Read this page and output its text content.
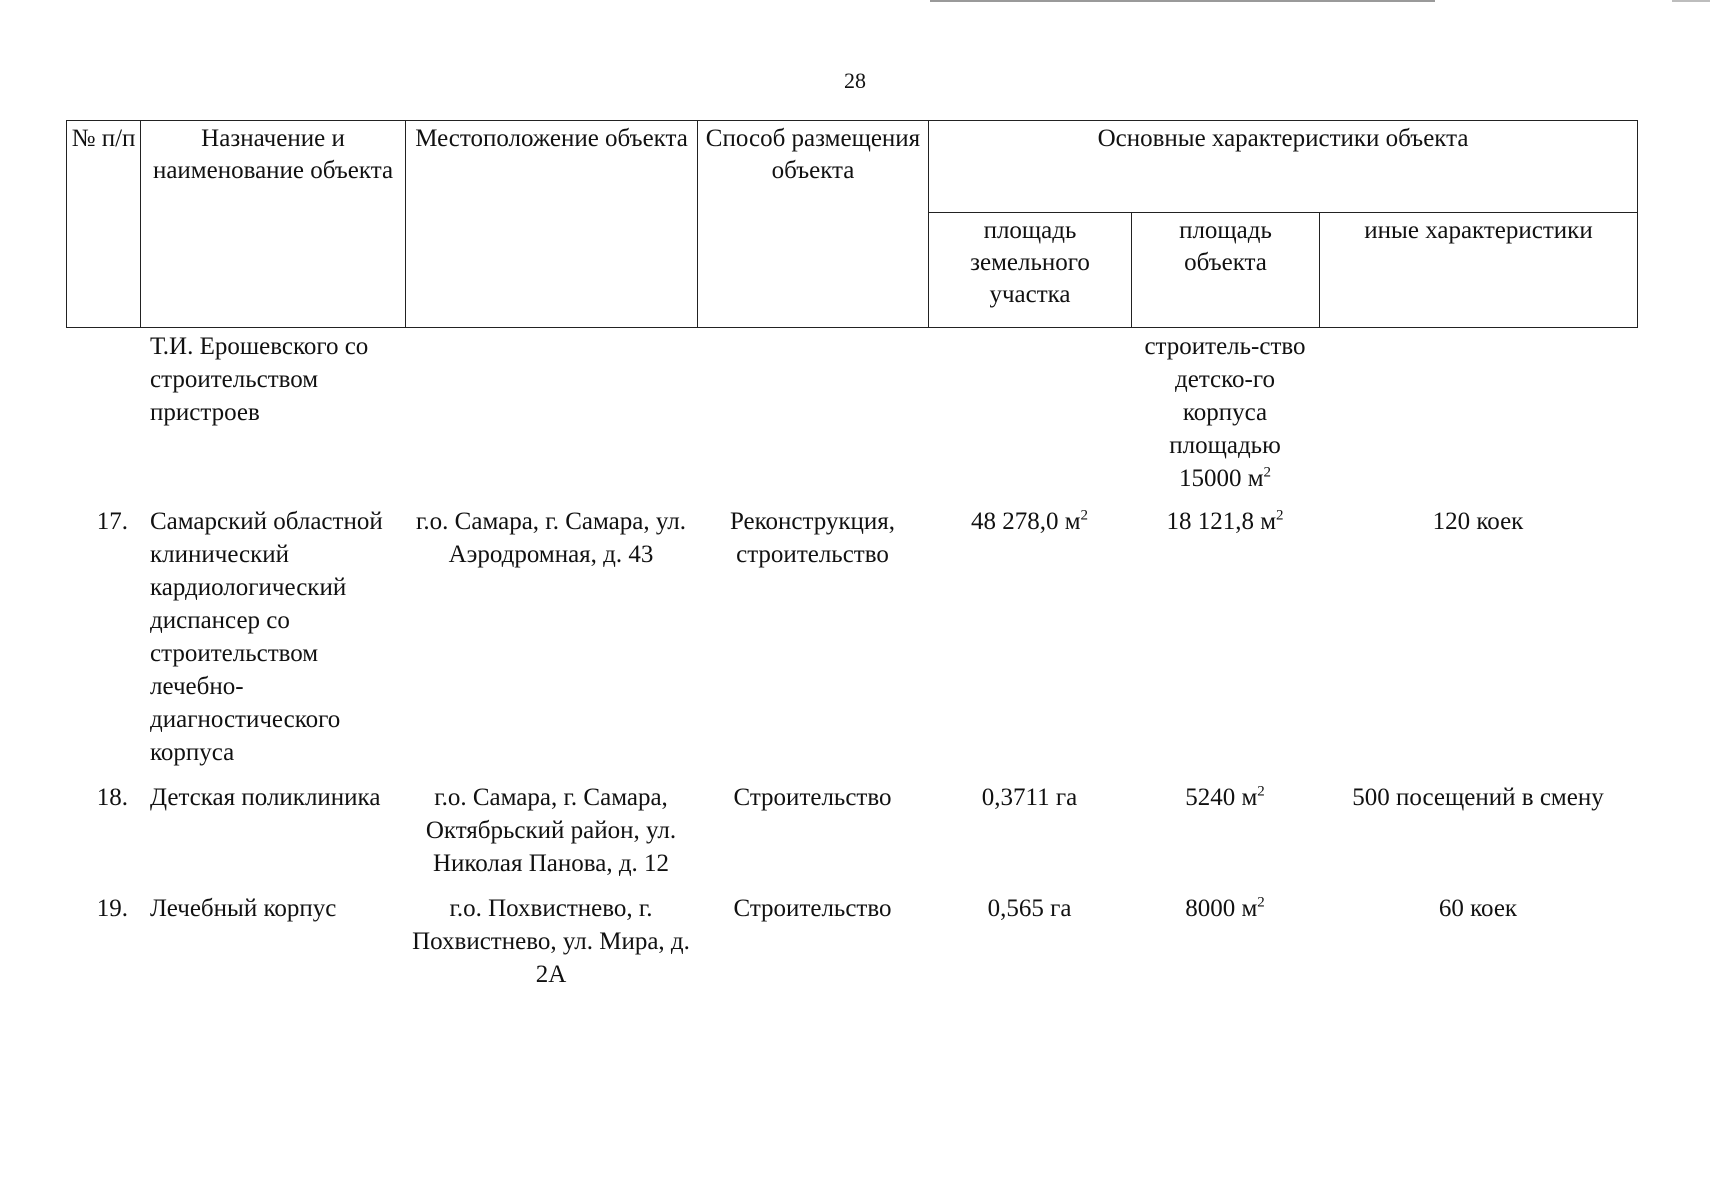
28
№ п/п	Назначение и наименование объекта	Местоположение объекта	Способ размещения объекта	Основные характеристики объекта		
				площадь земельного участка	площадь объекта	иные характеристики
	Т.И. Ерошевского со строительством пристроев				строитель-ство детско-го корпуса площадью 15000 $м^2$	
17.	Самарский областной клинический кардиологический диспансер со строительством лечебно-диагностического корпуса	г.о. Самара, г. Самара, ул. Аэродромная, д. 43	Реконструкция, строительство	48 278,0 $м^2$	18 121,8 $м^2$	120 коек
18.	Детская поликлиника	г.о. Самара, г. Самара, Октябрьский район, ул. Николая Панова, д. 12	Строительство	0,3711 га	5240 $м^2$	500 посещений в смену
19.	Лечебный корпус	г.о. Похвистнево, г. Похвистнево, ул. Мира, д. 2А	Строительство	0,565 га	8000 $м^2$	60 коек
